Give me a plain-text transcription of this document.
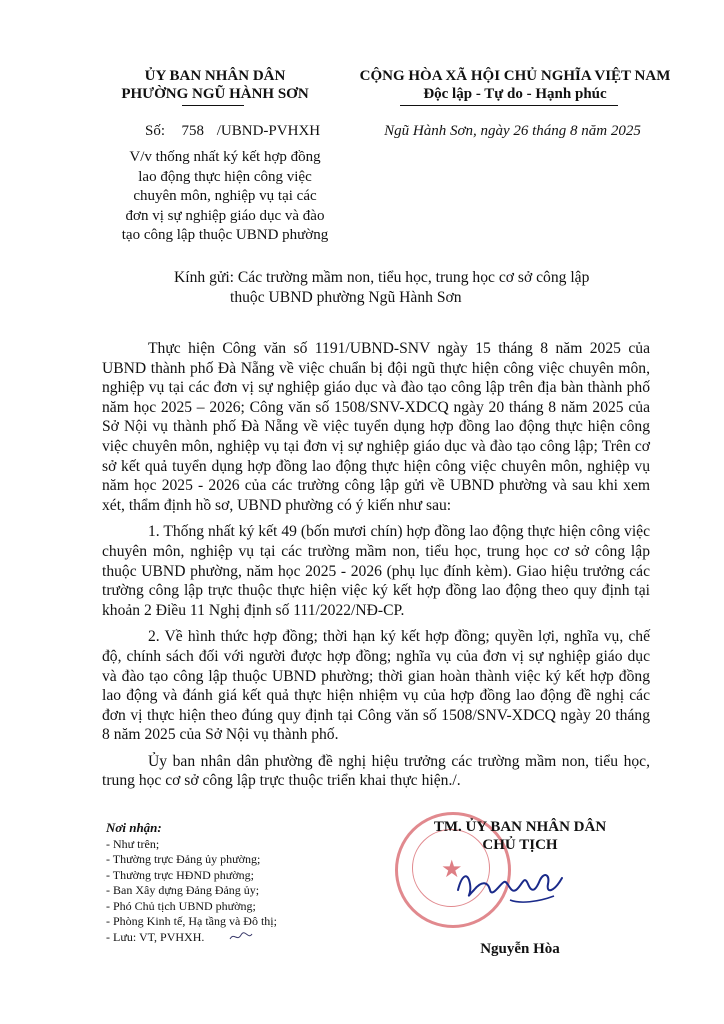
ỦY BAN NHÂN DÂN
PHƯỜNG NGŨ HÀNH SƠN
CỘNG HÒA XÃ HỘI CHỦ NGHĨA VIỆT NAM
Độc lập - Tự do - Hạnh phúc
Số: 758 /UBND-PVHXH	Ngũ Hành Sơn, ngày 26 tháng 8 năm 2025
V/v thống nhất ký kết hợp đồng
lao động thực hiện công việc
chuyên môn, nghiệp vụ tại các
đơn vị sự nghiệp giáo dục và đào
tạo công lập thuộc UBND phường
Kính gửi: Các trường mầm non, tiểu học, trung học cơ sở công lập
thuộc UBND phường Ngũ Hành Sơn
Thực hiện Công văn số 1191/UBND-SNV ngày 15 tháng 8 năm 2025 của UBND thành phố Đà Nẵng về việc chuẩn bị đội ngũ thực hiện công việc chuyên môn, nghiệp vụ tại các đơn vị sự nghiệp giáo dục và đào tạo công lập trên địa bàn thành phố năm học 2025 – 2026; Công văn số 1508/SNV-XDCQ ngày 20 tháng 8 năm 2025 của Sở Nội vụ thành phố Đà Nẵng về việc tuyển dụng hợp đồng lao động thực hiện công việc chuyên môn, nghiệp vụ tại đơn vị sự nghiệp giáo dục và đào tạo công lập; Trên cơ sở kết quả tuyển dụng hợp đồng lao động thực hiện công việc chuyên môn, nghiệp vụ năm học 2025 - 2026 của các trường công lập gửi về UBND phường và sau khi xem xét, thẩm định hồ sơ, UBND phường có ý kiến như sau:
1. Thống nhất ký kết 49 (bốn mươi chín) hợp đồng lao động thực hiện công việc chuyên môn, nghiệp vụ tại các trường mầm non, tiểu học, trung học cơ sở công lập thuộc UBND phường, năm học 2025 - 2026 (phụ lục đính kèm). Giao hiệu trưởng các trường công lập trực thuộc thực hiện việc ký kết hợp đồng lao động theo quy định tại khoản 2 Điều 11 Nghị định số 111/2022/NĐ-CP.
2. Về hình thức hợp đồng; thời hạn ký kết hợp đồng; quyền lợi, nghĩa vụ, chế độ, chính sách đối với người được hợp đồng; nghĩa vụ của đơn vị sự nghiệp giáo dục và đào tạo công lập thuộc UBND phường; thời gian hoàn thành việc ký kết hợp đồng lao động và đánh giá kết quả thực hiện nhiệm vụ của hợp đồng lao động đề nghị các đơn vị thực hiện theo đúng quy định tại Công văn số 1508/SNV-XDCQ ngày 20 tháng 8 năm 2025 của Sở Nội vụ thành phố.
Ủy ban nhân dân phường đề nghị hiệu trưởng các trường mầm non, tiểu học, trung học cơ sở công lập trực thuộc triển khai thực hiện./.
Nơi nhận:
- Như trên;
- Thường trực Đảng ủy phường;
- Thường trực HĐND phường;
- Ban Xây dựng Đảng Đảng ủy;
- Phó Chủ tịch UBND phường;
- Phòng Kinh tế, Hạ tầng và Đô thị;
- Lưu: VT, PVHXH.
★
TM. ỦY BAN NHÂN DÂN
CHỦ TỊCH
Nguyễn Hòa
